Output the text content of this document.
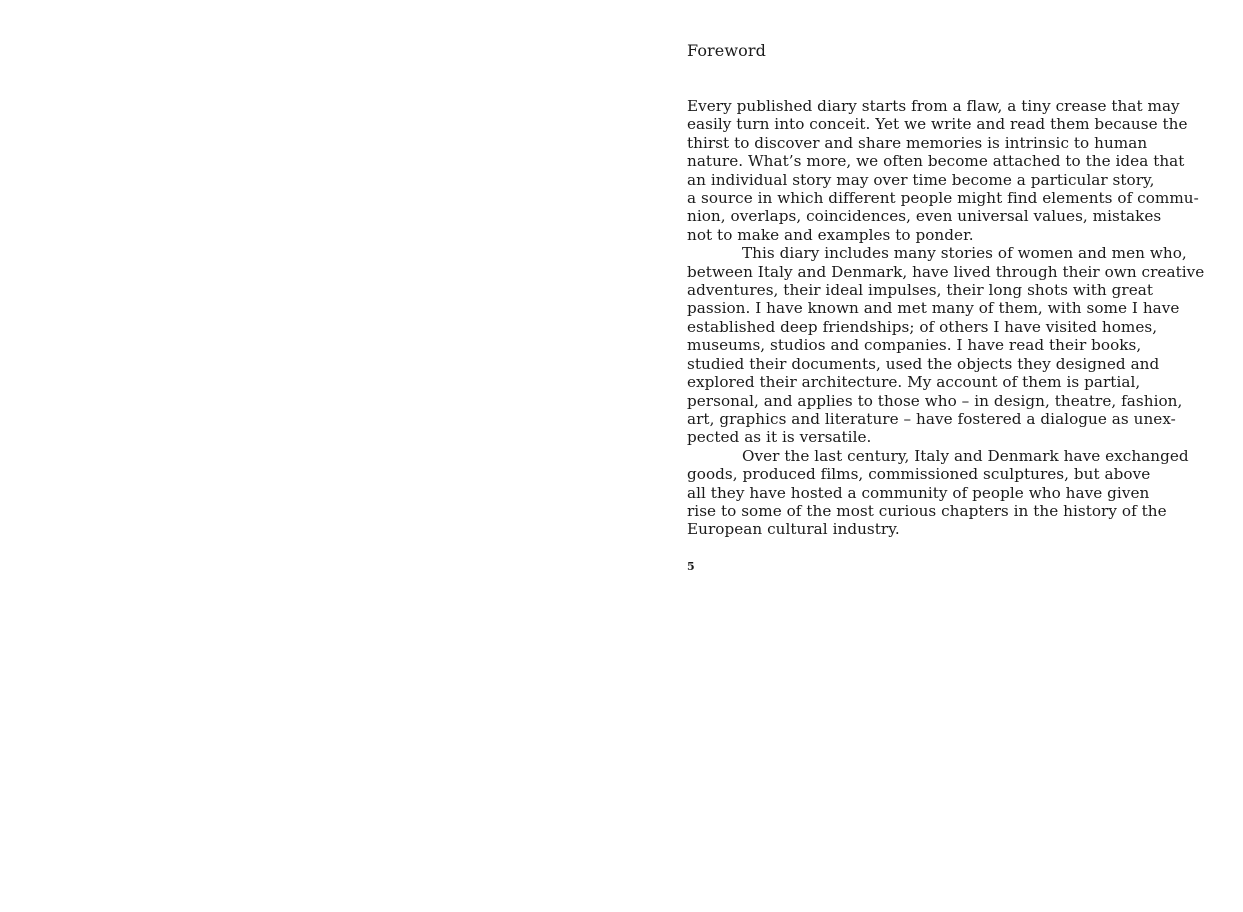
Foreword
Every published diary starts from a flaw, a tiny crease that may
easily turn into conceit. Yet we write and read them because the
thirst to discover and share memories is intrinsic to human
nature. What’s more, we often become attached to the idea that
an individual story may over time become a particular story,
a source in which different people might find elements of commu-
nion, overlaps, coincidences, even universal values, mistakes
not to make and examples to ponder.
This diary includes many stories of women and men who,
between Italy and Denmark, have lived through their own creative
adventures, their ideal impulses, their long shots with great
passion. I have known and met many of them, with some I have
established deep friendships; of others I have visited homes,
museums, studios and companies. I have read their books,
studied their documents, used the objects they designed and
explored their architecture. My account of them is partial,
personal, and applies to those who – in design, theatre, fashion,
art, graphics and literature – have fostered a dialogue as unex-
pected as it is versatile.
Over the last century, Italy and Denmark have exchanged
goods, produced films, commissioned sculptures, but above
all they have hosted a community of people who have given
rise to some of the most curious chapters in the history of the
European cultural industry.

5
